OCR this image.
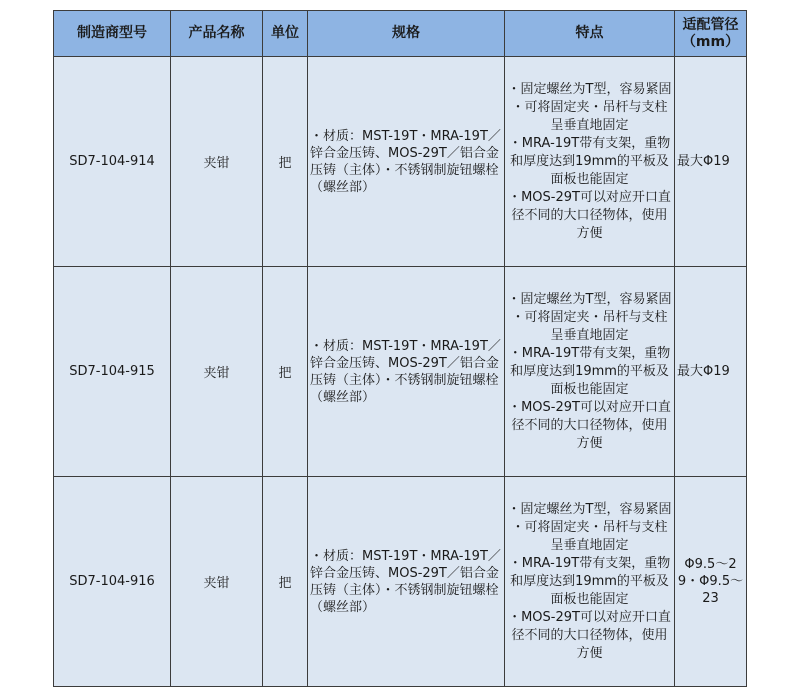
制造商型号	产品名称	单位	规格	特点	适配管径（mm）
SD7-104-914	夹钳	把	・材质：MST-19T・MRA-19T／锌合金压铸、MOS-29T／铝合金压铸（主体）・不锈钢制旋钮螺栓（螺丝部）	・固定螺丝为T型，容易紧固
・可将固定夹・吊杆与支柱呈垂直地固定
・MRA-19T带有支架，重物和厚度达到19mm的平板及面板也能固定
・MOS-29T可以对应开口直径不同的大口径物体，使用方便	最大Φ19
SD7-104-915	夹钳	把	・材质：MST-19T・MRA-19T／锌合金压铸、MOS-29T／铝合金压铸（主体）・不锈钢制旋钮螺栓（螺丝部）	・固定螺丝为T型，容易紧固
・可将固定夹・吊杆与支柱呈垂直地固定
・MRA-19T带有支架，重物和厚度达到19mm的平板及面板也能固定
・MOS-29T可以对应开口直径不同的大口径物体，使用方便	最大Φ19
SD7-104-916	夹钳	把	・材质：MST-19T・MRA-19T／锌合金压铸、MOS-29T／铝合金压铸（主体）・不锈钢制旋钮螺栓（螺丝部）	・固定螺丝为T型，容易紧固
・可将固定夹・吊杆与支柱呈垂直地固定
・MRA-19T带有支架，重物和厚度达到19mm的平板及面板也能固定
・MOS-29T可以对应开口直径不同的大口径物体，使用方便	Φ9.5～29・Φ9.5～23
